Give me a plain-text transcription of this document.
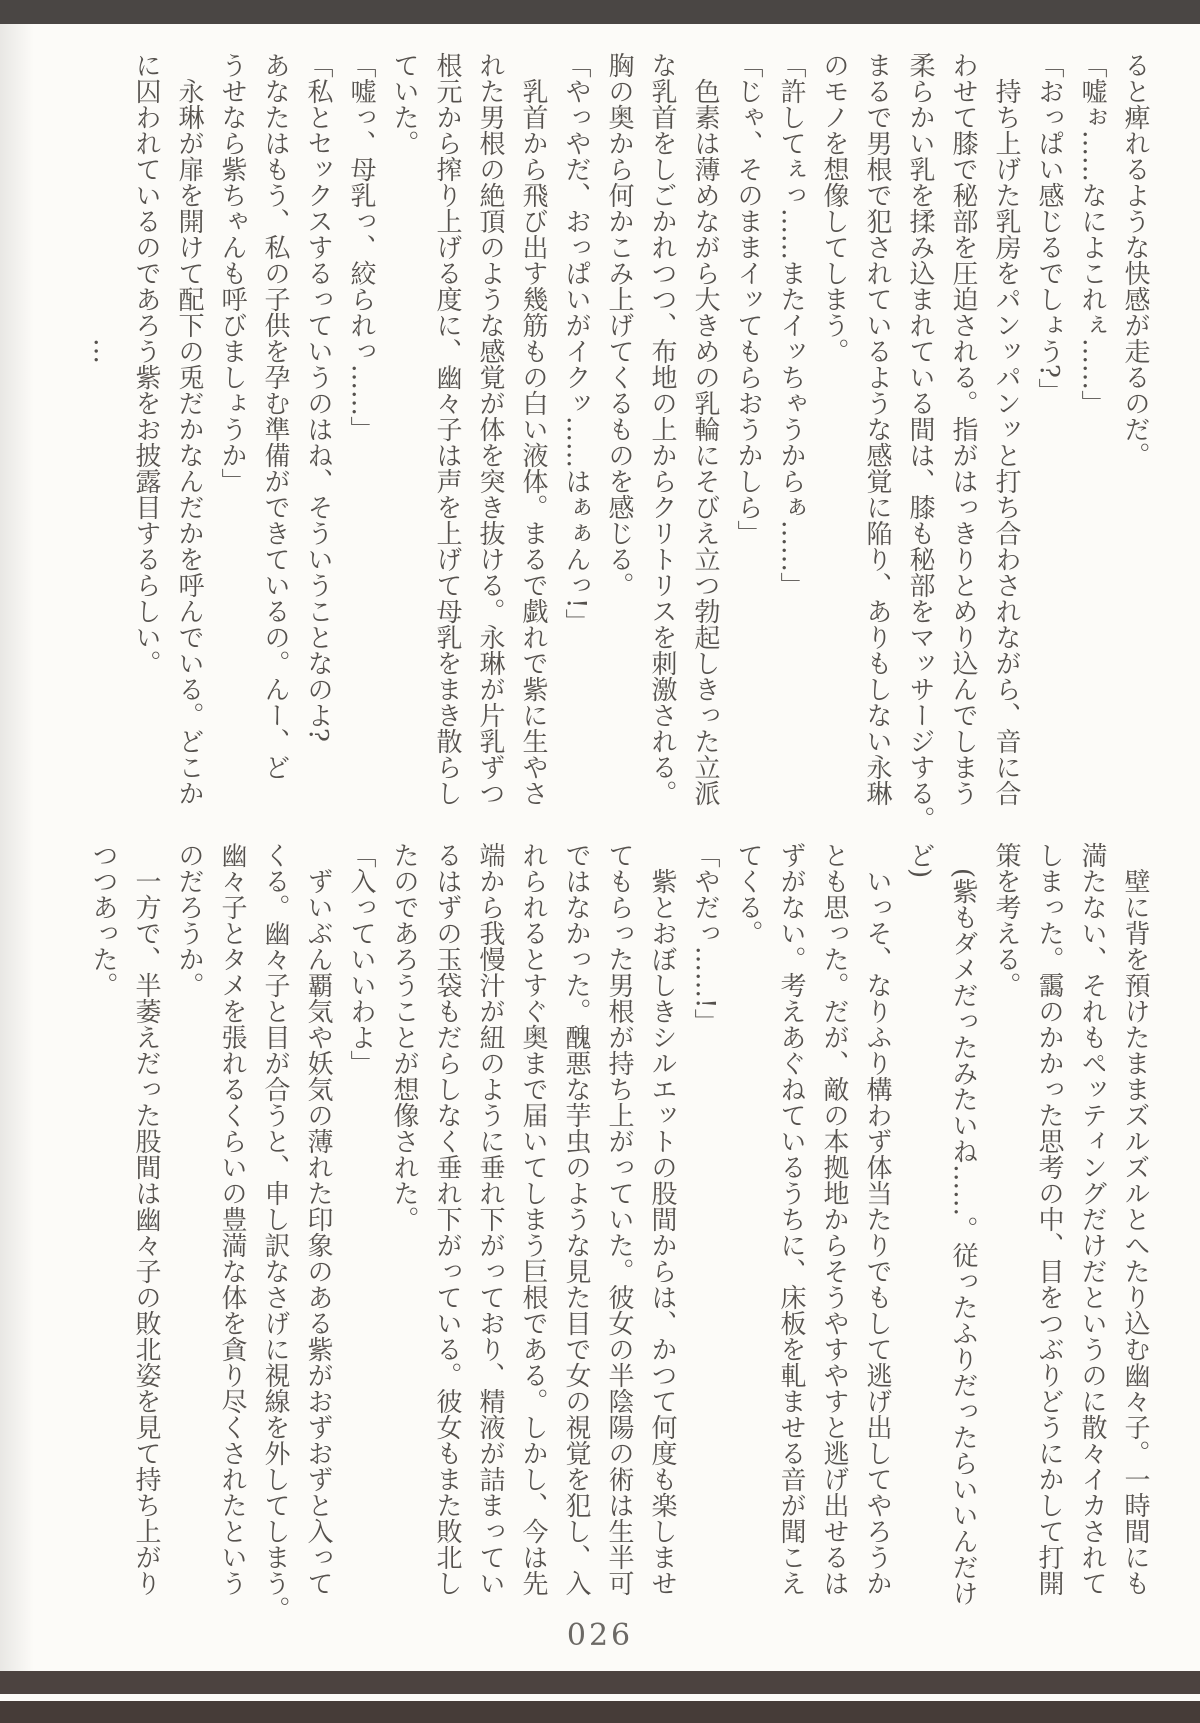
ると痺れるような快感が走るのだ。

「嘘ぉ……なによこれぇ……」

「おっぱい感じるでしょう?」

　持ち上げた乳房をパンッパンッと打ち合わされながら、音に合

わせて膝で秘部を圧迫される。指がはっきりとめり込んでしまう

柔らかい乳を揉み込まれている間は、膝も秘部をマッサージする。

まるで男根で犯されているような感覚に陥り、ありもしない永琳

のモノを想像してしまう。

「許してぇっ……またイッちゃうからぁ……」

「じゃ、そのままイッてもらおうかしら」

　色素は薄めながら大きめの乳輪にそびえ立つ勃起しきった立派

な乳首をしごかれつつ、布地の上からクリトリスを刺激される。

胸の奥から何かこみ上げてくるものを感じる。

「やっやだ、おっぱいがイクッ……はぁぁんっ!」

　乳首から飛び出す幾筋もの白い液体。まるで戯れで紫に生やさ

れた男根の絶頂のような感覚が体を突き抜ける。永琳が片乳ずつ

根元から搾り上げる度に、幽々子は声を上げて母乳をまき散らし

ていた。

「嘘っ、母乳っ、絞られっ……」

「私とセックスするっていうのはね、そういうことなのよ?

あなたはもう、私の子供を孕む準備ができているの。んー、ど

うせなら紫ちゃんも呼びましょうか」

　永琳が扉を開けて配下の兎だかなんだかを呼んでいる。どこか

に囚われているのであろう紫をお披露目するらしい。

　　　　　　　　　　　…

　壁に背を預けたままズルズルとへたり込む幽々子。一時間にも

満たない、それもペッティングだけだというのに散々イカされて

しまった。靄のかかった思考の中、目をつぶりどうにかして打開

策を考える。

　(紫もダメだったみたいね……。従ったふりだったらいいんだけ

ど)

　いっそ、なりふり構わず体当たりでもして逃げ出してやろうか

とも思った。だが、敵の本拠地からそうやすやすと逃げ出せるは

ずがない。考えあぐねているうちに、床板を軋ませる音が聞こえ

てくる。

「やだっ……!」

　紫とおぼしきシルエットの股間からは、かつて何度も楽しませ

てもらった男根が持ち上がっていた。彼女の半陰陽の術は生半可

ではなかった。醜悪な芋虫のような見た目で女の視覚を犯し、入

れられるとすぐ奥まで届いてしまう巨根である。しかし、今は先

端から我慢汁が紐のように垂れ下がっており、精液が詰まってい

るはずの玉袋もだらしなく垂れ下がっている。彼女もまた敗北し

たのであろうことが想像された。

「入っていいわよ」

　ずいぶん覇気や妖気の薄れた印象のある紫がおずおずと入って

くる。幽々子と目が合うと、申し訳なさげに視線を外してしまう。

幽々子とタメを張れるくらいの豊満な体を貪り尽くされたという

のだろうか。

　一方で、半萎えだった股間は幽々子の敗北姿を見て持ち上がり

つつあった。

026
